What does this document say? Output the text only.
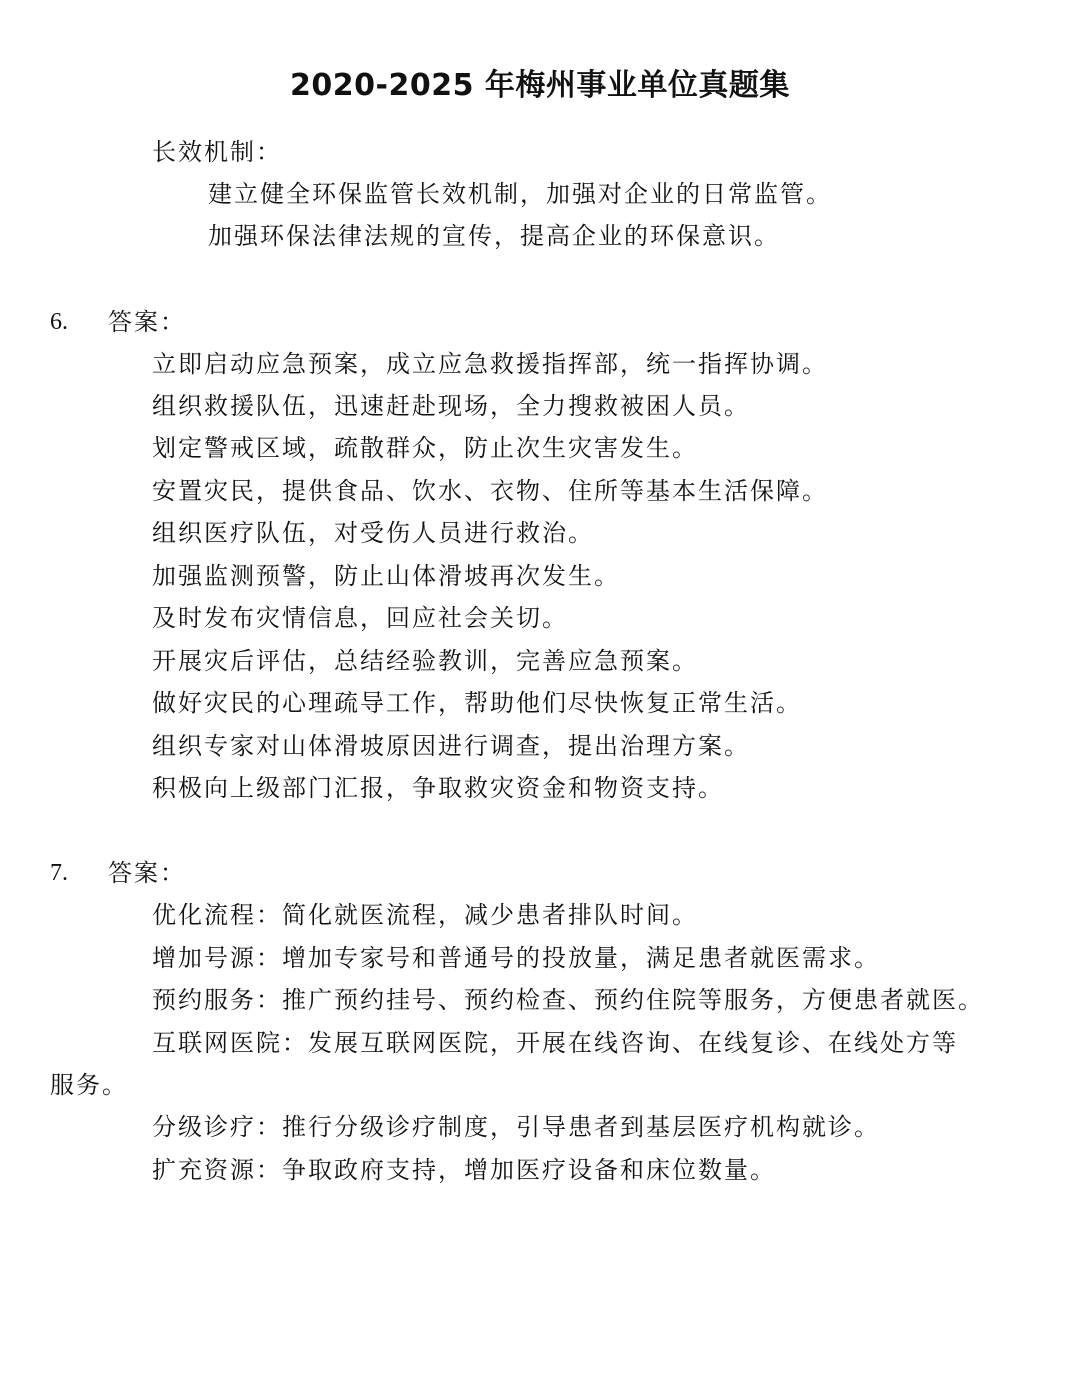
2020-2025 年梅州事业单位真题集
长效机制：
建立健全环保监管长效机制，加强对企业的日常监管。
加强环保法律法规的宣传，提高企业的环保意识。
6. 答案：
立即启动应急预案，成立应急救援指挥部，统一指挥协调。
组织救援队伍，迅速赶赴现场，全力搜救被困人员。
划定警戒区域，疏散群众，防止次生灾害发生。
安置灾民，提供食品、饮水、衣物、住所等基本生活保障。
组织医疗队伍，对受伤人员进行救治。
加强监测预警，防止山体滑坡再次发生。
及时发布灾情信息，回应社会关切。
开展灾后评估，总结经验教训，完善应急预案。
做好灾民的心理疏导工作，帮助他们尽快恢复正常生活。
组织专家对山体滑坡原因进行调查，提出治理方案。
积极向上级部门汇报，争取救灾资金和物资支持。
7. 答案：
优化流程：简化就医流程，减少患者排队时间。
增加号源：增加专家号和普通号的投放量，满足患者就医需求。
预约服务：推广预约挂号、预约检查、预约住院等服务，方便患者就医。
互联网医院：发展互联网医院，开展在线咨询、在线复诊、在线处方等
服务。
分级诊疗：推行分级诊疗制度，引导患者到基层医疗机构就诊。
扩充资源：争取政府支持，增加医疗设备和床位数量。
